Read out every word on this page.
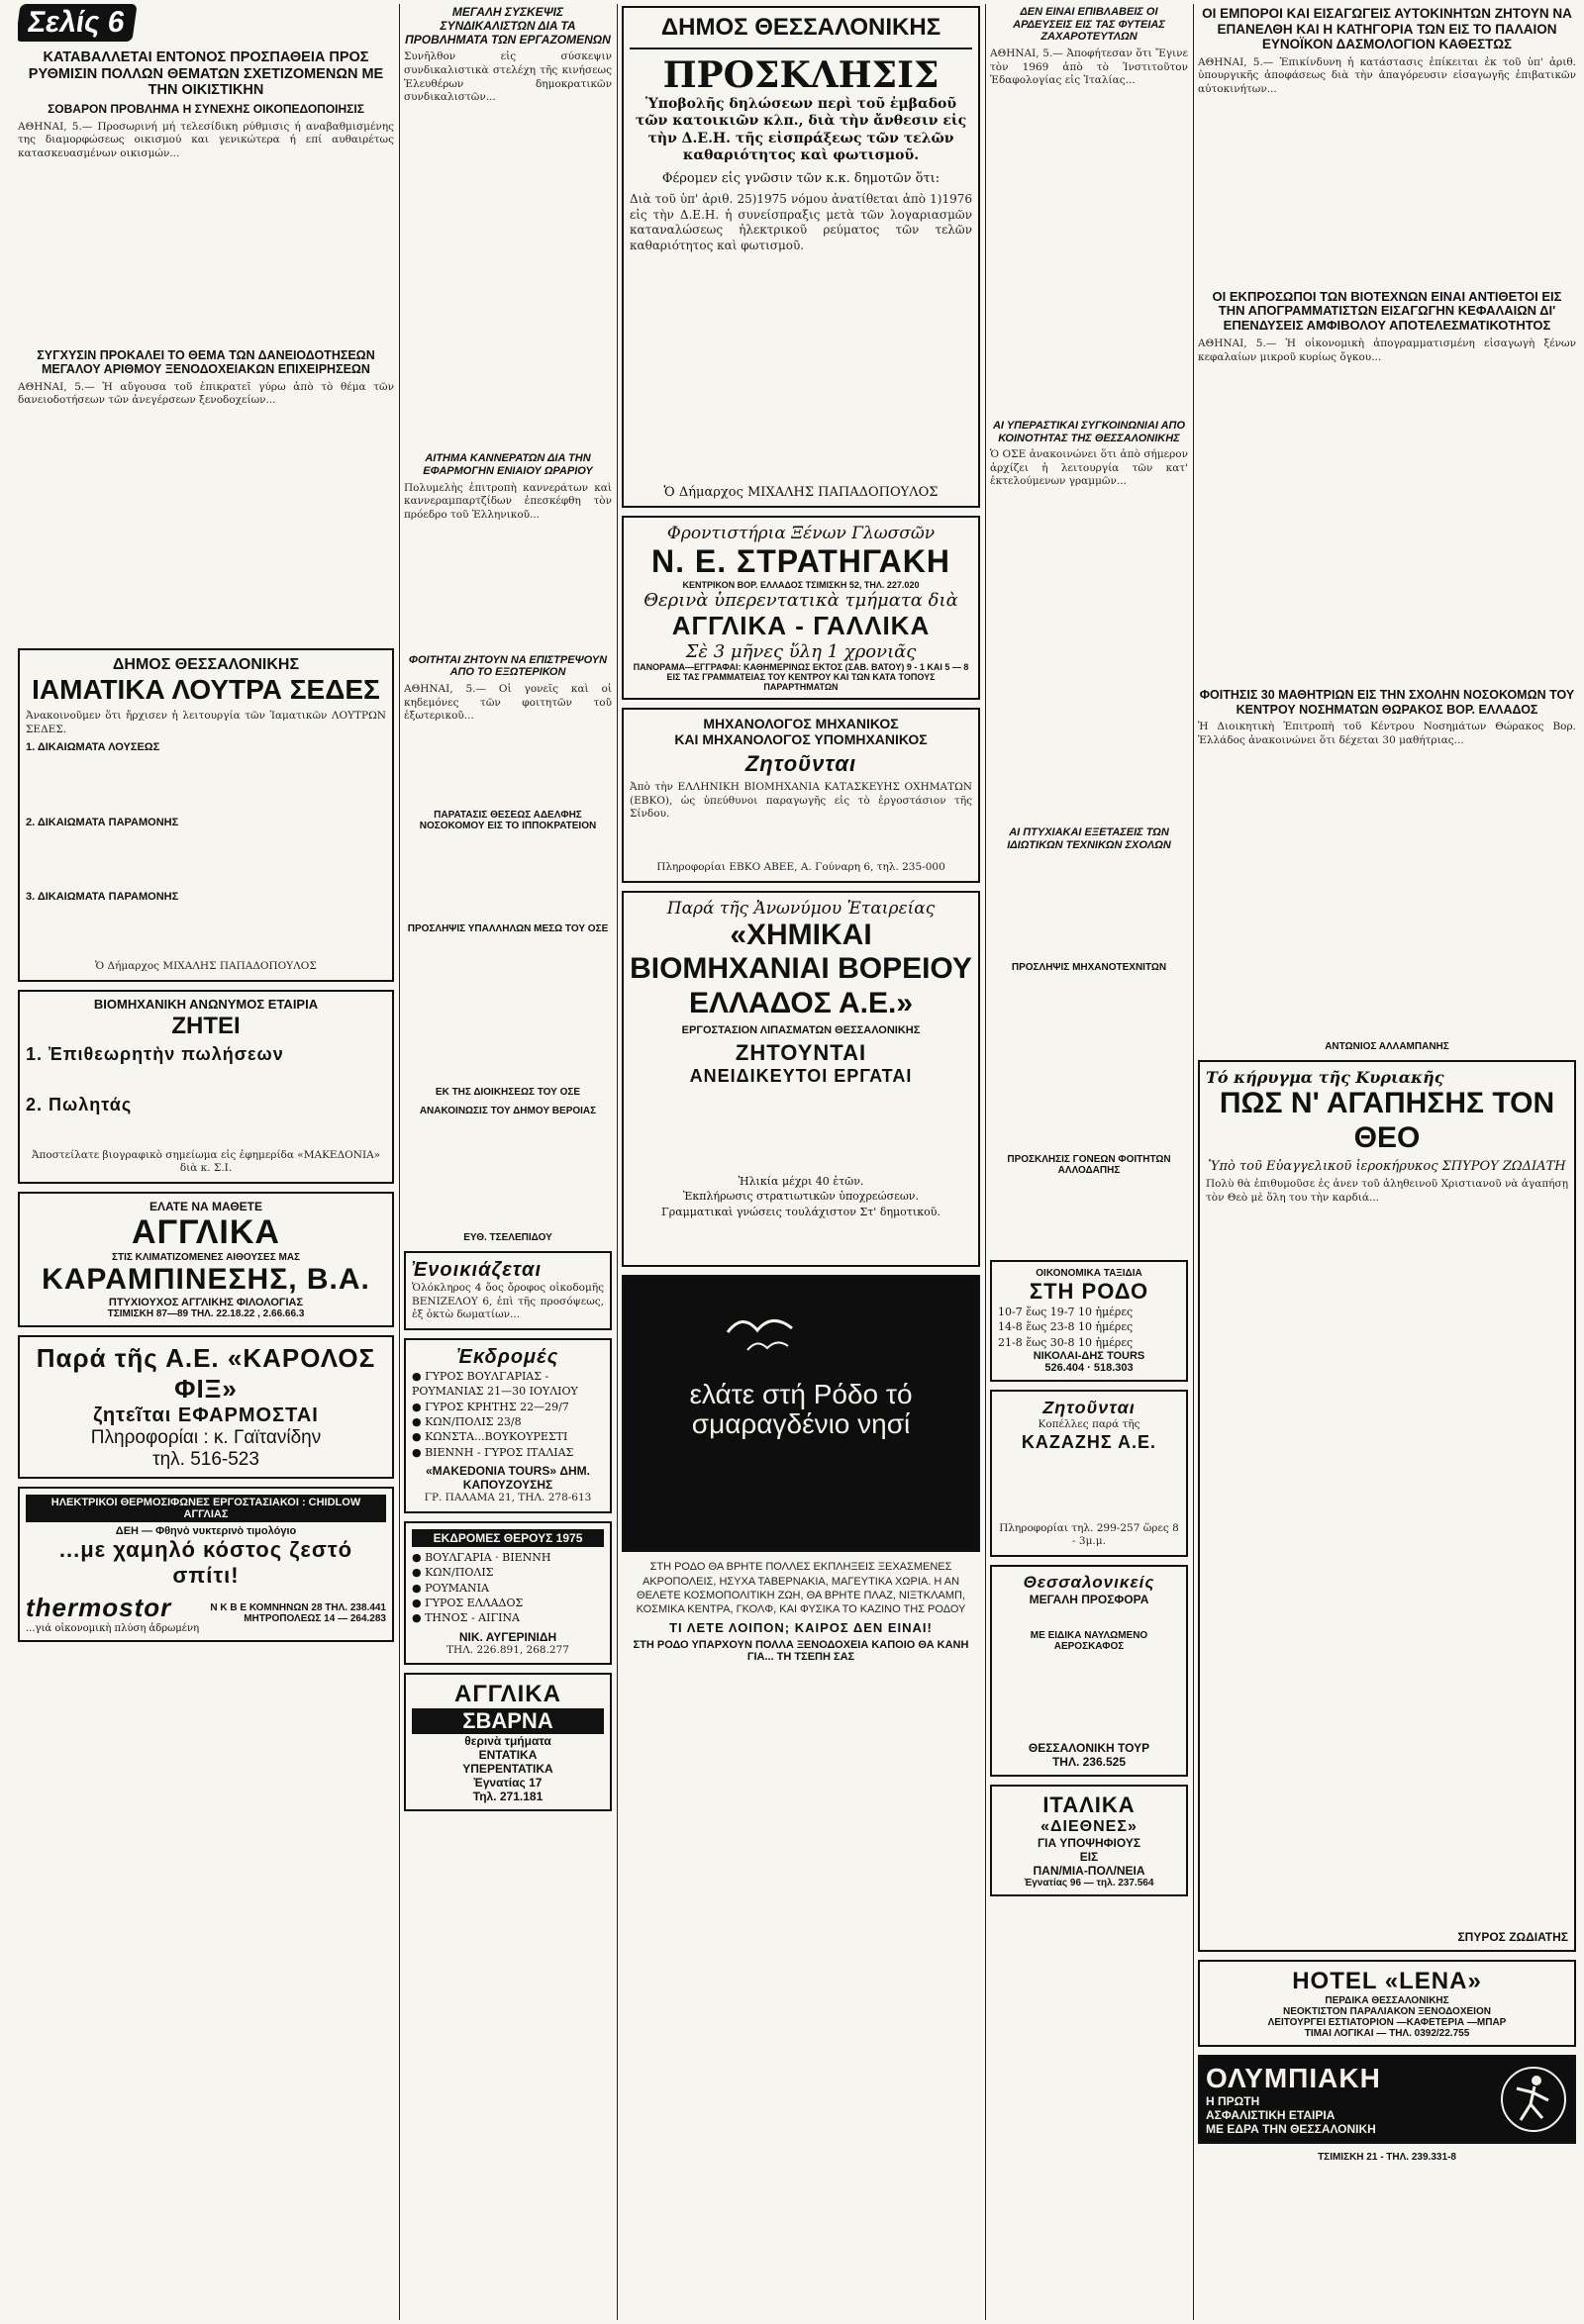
Σελίς 6
ΚΑΤΑΒΑΛΛΕΤΑΙ ΕΝΤΟΝΟΣ ΠΡΟΣΠΑΘΕΙΑ ΠΡΟΣ ΡΥΘΜΙΣΙΝ ΠΟΛΛΩΝ ΘΕΜΑΤΩΝ ΣΧΕΤΙΖΟΜΕΝΩΝ ΜΕ ΤΗΝ ΟΙΚΙΣΤΙΚΗΝ
ΣΟΒΑΡΟΝ ΠΡΟΒΛΗΜΑ Η ΣΥΝΕΧΗΣ ΟΙΚΟΠΕΔΟΠΟΙΗΣΙΣ
ΑΘΗΝΑΙ, 5.— Προσωρινή μή τελεσίδικη ρύθμισις ή αναβαθμισμένης της διαμορφώσεως οικισμού και γενικώτερα ή επί αυθαιρέτως κατασκευασμένων οικισμών...
ΣΥΓΧΥΣΙΝ ΠΡΟΚΑΛΕΙ ΤΟ ΘΕΜΑ ΤΩΝ ΔΑΝΕΙΟΔΟΤΗΣΕΩΝ ΜΕΓΑΛΟΥ ΑΡΙΘΜΟΥ ΞΕΝΟΔΟΧΕΙΑΚΩΝ ΕΠΙΧΕΙΡΗΣΕΩΝ
ΑΘΗΝΑΙ, 5.— Ἡ αὔγουσα τοῦ ἐπικρατεῖ γύρω ἀπὸ τὸ θέμα τῶν δανειοδοτήσεων τῶν ἀνεγέρσεων ξενοδοχείων...
ΔΗΜΟΣ ΘΕΣΣΑΛΟΝΙΚΗΣ
ΙΑΜΑΤΙΚΑ ΛΟΥΤΡΑ ΣΕΔΕΣ
Ἀνακοινοῦμεν ὅτι ἤρχισεν ἡ λειτουργία τῶν Ἰαματικῶν ΛΟΥΤΡΩΝ ΣΕΔΕΣ.
1. ΔΙΚΑΙΩΜΑΤΑ ΛΟΥΣΕΩΣ
2. ΔΙΚΑΙΩΜΑΤΑ ΠΑΡΑΜΟΝΗΣ
3. ΔΙΚΑΙΩΜΑΤΑ ΠΑΡΑΜΟΝΗΣ
Ὁ Δήμαρχος ΜΙΧΑΛΗΣ ΠΑΠΑΔΟΠΟΥΛΟΣ
ΒΙΟΜΗΧΑΝΙΚΗ ΑΝΩΝΥΜΟΣ ΕΤΑΙΡΙΑ
ΖΗΤΕΙ
1. Ἐπιθεωρητὴν πωλήσεων
2. Πωλητάς
Ἀποστείλατε βιογραφικὸ σημείωμα εἰς ἐφημερίδα «ΜΑΚΕΔΟΝΙΑ» διὰ κ. Σ.Ι.
ΕΛΑΤΕ ΝΑ ΜΑΘΕΤΕ
ΑΓΓΛΙΚΑ
ΣΤΙΣ ΚΛΙΜΑΤΙΖΟΜΕΝΕΣ ΑΙΘΟΥΣΕΣ ΜΑΣ
ΚΑΡΑΜΠΙΝΕΣΗΣ, Β.Α.
ΠΤΥΧΙΟΥΧΟΣ ΑΓΓΛΙΚΗΣ ΦΙΛΟΛΟΓΙΑΣ
ΤΣΙΜΙΣΚΗ 87—89 ΤΗΛ. 22.18.22 , 2.66.66.3
Παρά τῆς Α.Ε. «ΚΑΡΟΛΟΣ ΦΙΞ»
ζητεῖται ΕΦΑΡΜΟΣΤΑΙ
Πληροφορίαι : κ. Γαϊτανίδην
τηλ. 516-523
ΗΛΕΚΤΡΙΚΟΙ ΘΕΡΜΟΣΙΦΩΝΕΣ ΕΡΓΟΣΤΑΣΙΑΚΟΙ : CHIDLOW ΑΓΓΛΙΑΣ
ΔΕΗ — Φθηνὸ νυκτερινὸ τιμολόγιο
...με χαμηλό κόστος ζεστό σπίτι!
thermostor
...γιά οἰκονομικὴ πλύση ἀδρωμένη
Ν Κ Β Ε ΚΟΜΝΗΝΩΝ 28 ΤΗΛ. 238.441
ΜΗΤΡΟΠΟΛΕΩΣ 14 — 264.283
ΜΕΓΑΛΗ ΣΥΣΚΕΨΙΣ ΣΥΝΔΙΚΑΛΙΣΤΩΝ ΔΙΑ ΤΑ ΠΡΟΒΛΗΜΑΤΑ ΤΩΝ ΕΡΓΑΖΟΜΕΝΩΝ
Συνῆλθον εἰς σύσκεψιν συνδικαλιστικὰ στελέχη τῆς κινήσεως Ἐλευθέρων δημοκρατικῶν συνδικαλιστῶν...
ΑΙΤΗΜΑ ΚΑΝΝΕΡΑΤΩΝ ΔΙΑ ΤΗΝ ΕΦΑΡΜΟΓΗΝ ΕΝΙΑΙΟΥ ΩΡΑΡΙΟΥ
Πολυμελὴς ἐπιτροπὴ καννεράτων καὶ καννεραμπαρτζίδων ἐπεσκέφθη τὸν πρόεδρο τοῦ Ἑλληνικοῦ...
ΦΟΙΤΗΤΑΙ ΖΗΤΟΥΝ ΝΑ ΕΠΙΣΤΡΕΨΟΥΝ ΑΠΟ ΤΟ ΕΞΩΤΕΡΙΚΟΝ
ΑΘΗΝΑΙ, 5.— Οἱ γονεῖς καὶ οἱ κηδεμόνες τῶν φοιτητῶν τοῦ ἐξωτερικοῦ...
ΠΑΡΑΤΑΣΙΣ ΘΕΣΕΩΣ ΑΔΕΛΦΗΣ ΝΟΣΟΚΟΜΟΥ ΕΙΣ ΤΟ ΙΠΠΟΚΡΑΤΕΙΟΝ
ΠΡΟΣΛΗΨΙΣ ΥΠΑΛΛΗΛΩΝ ΜΕΣΩ ΤΟΥ ΟΣΕ
ΕΚ ΤΗΣ ΔΙΟΙΚΗΣΕΩΣ ΤΟΥ ΟΣΕ
ΑΝΑΚΟΙΝΩΣΙΣ ΤΟΥ ΔΗΜΟΥ ΒΕΡΟΙΑΣ
ΕΥΘ. ΤΣΕΛΕΠΙΔΟΥ
Ἐνοικιάζεται
Ὁλόκληρος 4 ὄος ὄροφος οἰκοδομῆς ΒΕΝΙΖΕΛΟΥ 6, ἐπὶ τῆς προσόψεως, ἐξ ὀκτὼ δωματίων...
Ἐκδρομές
● ΓΥΡΟΣ ΒΟΥΛΓΑΡΙΑΣ - ΡΟΥΜΑΝΙΑΣ 21—30 ΙΟΥΛΙΟΥ
● ΓΥΡΟΣ ΚΡΗΤΗΣ 22—29/7
● ΚΩΝ/ΠΟΛΙΣ 23/8
● ΚΩΝΣΤΑ...ΒΟΥΚΟΥΡΕΣΤΙ
● ΒΙΕΝΝΗ - ΓΥΡΟΣ ΙΤΑΛΙΑΣ
«MAKEDONIA TOURS» ΔΗΜ. ΚΑΠΟΥΖΟΥΣΗΣ
ΓΡ. ΠΑΛΑΜΑ 21, ΤΗΛ. 278-613
ΕΚΔΡΟΜΕΣ ΘΕΡΟΥΣ 1975
● ΒΟΥΛΓΑΡΙΑ · ΒΙΕΝΝΗ
● ΚΩΝ/ΠΟΛΙΣ
● ΡΟΥΜΑΝΙΑ
● ΓΥΡΟΣ ΕΛΛΑΔΟΣ
● ΤΗΝΟΣ - ΑΙΓΙΝΑ
ΝΙΚ. ΑΥΓΕΡΙΝΙΔΗ
ΤΗΛ. 226.891, 268.277
ΑΓΓΛΙΚΑ
ΣΒΑΡΝΑ
θερινὰ τμήματα
ΕΝΤΑΤΙΚΑ
ΥΠΕΡΕΝΤΑΤΙΚΑ
Ἐγνατίας 17
Τηλ. 271.181
ΔΗΜΟΣ ΘΕΣΣΑΛΟΝΙΚΗΣ
ΠΡΟΣΚΛΗΣΙΣ
Ὑποβολῆς δηλώσεων περὶ τοῦ ἐμβαδοῦ τῶν κατοικιῶν κλπ., διὰ τὴν ἄνθεσιν εἰς τὴν Δ.Ε.Η. τῆς εἰσπράξεως τῶν τελῶν καθαριότητος καὶ φωτισμοῦ.
Φέρομεν εἰς γνῶσιν τῶν κ.κ. δημοτῶν ὅτι:
Διὰ τοῦ ὑπ' ἀριθ. 25)1975 νόμου ἀνατίθεται ἀπὸ 1)1976 εἰς τὴν Δ.Ε.Η. ἡ συνείσπραξις μετὰ τῶν λογαριασμῶν καταναλώσεως ἠλεκτρικοῦ ρεύματος τῶν τελῶν καθαριότητος καὶ φωτισμοῦ.
Ὁ Δήμαρχος ΜΙΧΑΛΗΣ ΠΑΠΑΔΟΠΟΥΛΟΣ
Φροντιστήρια Ξένων Γλωσσῶν
Ν. Ε. ΣΤΡΑΤΗΓΑΚΗ
ΚΕΝΤΡΙΚΟΝ ΒΟΡ. ΕΛΛΑΔΟΣ ΤΣΙΜΙΣΚΗ 52, ΤΗΛ. 227.020
Θερινὰ ὑπερεντατικὰ τμήματα διὰ
ΑΓΓΛΙΚΑ - ΓΑΛΛΙΚΑ
Σὲ 3 μῆνες ὕλη 1 χρονιᾶς
ΠΑΝΟΡΑΜΑ—ΕΓΓΡΑΦΑΙ: ΚΑΘΗΜΕΡΙΝΩΣ ΕΚΤΟΣ (ΣΑΒ. ΒΑΤΟΥ) 9 - 1 ΚΑΙ 5 — 8 ΕΙΣ ΤΑΣ ΓΡΑΜΜΑΤΕΙΑΣ ΤΟΥ ΚΕΝΤΡΟΥ ΚΑΙ ΤΩΝ ΚΑΤΑ ΤΟΠΟΥΣ ΠΑΡΑΡΤΗΜΑΤΩΝ
ΜΗΧΑΝΟΛΟΓΟΣ ΜΗΧΑΝΙΚΟΣ
ΚΑΙ ΜΗΧΑΝΟΛΟΓΟΣ ΥΠΟΜΗΧΑΝΙΚΟΣ
Ζητοῦνται
Ἀπὸ τὴν ΕΛΛΗΝΙΚΗ ΒΙΟΜΗΧΑΝΙΑ ΚΑΤΑΣΚΕΥΗΣ ΟΧΗΜΑΤΩΝ (ΕΒΚΟ), ὡς ὑπεύθυνοι παραγωγῆς εἰς τὸ ἐργοστάσιον τῆς Σίνδου.
Πληροφορίαι ΕΒΚΟ ΑΒΕΕ, Α. Γούναρη 6, τηλ. 235-000
Παρά τῆς Ἀνωνύμου Ἑταιρείας
«ΧΗΜΙΚΑΙ ΒΙΟΜΗΧΑΝΙΑΙ ΒΟΡΕΙΟΥ ΕΛΛΑΔΟΣ Α.Ε.»
ΕΡΓΟΣΤΑΣΙΟΝ ΛΙΠΑΣΜΑΤΩΝ ΘΕΣΣΑΛΟΝΙΚΗΣ
ΖΗΤΟΥΝΤΑΙ
ΑΝΕΙΔΙΚΕΥΤΟΙ ΕΡΓΑΤΑΙ
Ἠλικία μέχρι 40 ἐτῶν.
Ἐκπλήρωσις στρατιωτικῶν ὑποχρεώσεων.
Γραμματικαὶ γνώσεις τουλάχιστον Στ' δημοτικοῦ.
ελάτε στή Ρόδο τό σμαραγδένιο νησί
ΣΤΗ ΡΟΔΟ ΘΑ ΒΡΗΤΕ ΠΟΛΛΕΣ ΕΚΠΛΗΞΕΙΣ ΞΕΧΑΣΜΕΝΕΣ ΑΚΡΟΠΟΛΕΙΣ, ΗΣΥΧΑ ΤΑΒΕΡΝΑΚΙΑ, ΜΑΓΕΥΤΙΚΑ ΧΩΡΙΑ. Η ΑΝ ΘΕΛΕΤΕ ΚΟΣΜΟΠΟΛΙΤΙΚΗ ΖΩΗ, ΘΑ ΒΡΗΤΕ ΠΛΑΖ, ΝΙΞΤΚΛΑΜΠ, ΚΟΣΜΙΚΑ ΚΕΝΤΡΑ, ΓΚΟΛΦ, ΚΑΙ ΦΥΣΙΚΑ ΤΟ ΚΑΖΙΝΟ ΤΗΣ ΡΟΔΟΥ
ΤΙ ΛΕΤΕ ΛΟΙΠΟΝ; ΚΑΙΡΟΣ ΔΕΝ ΕΙΝΑΙ!
ΣΤΗ ΡΟΔΟ ΥΠΑΡΧΟΥΝ ΠΟΛΛΑ ΞΕΝΟΔΟΧΕΙΑ ΚΑΠΟΙΟ ΘΑ ΚΑΝΗ ΓΙΑ... ΤΗ ΤΣΕΠΗ ΣΑΣ
ΔΕΝ ΕΙΝΑΙ ΕΠΙΒΛΑΒΕΙΣ ΟΙ ΑΡΔΕΥΣΕΙΣ ΕΙΣ ΤΑΣ ΦΥΤΕΙΑΣ ΖΑΧΑΡΟΤΕΥΤΛΩΝ
ΑΘΗΝΑΙ, 5.— Ἀποφήτεσαν ὅτι Ἔγινε τὸν 1969 ἀπὸ τὸ Ἰνστιτοῦτον Ἐδαφολογίας εἰς Ἰταλίας...
ΑΙ ΥΠΕΡΑΣΤΙΚΑΙ ΣΥΓΚΟΙΝΩΝΙΑΙ ΑΠΟ ΚΟΙΝΟΤΗΤΑΣ ΤΗΣ ΘΕΣΣΑΛΟΝΙΚΗΣ
Ὁ ΟΣΕ ἀνακοινώνει ὅτι ἀπὸ σήμερον ἀρχίζει ἡ λειτουργία τῶν κατ' ἐκτελούμενων γραμμῶν...
ΑΙ ΠΤΥΧΙΑΚΑΙ ΕΞΕΤΑΣΕΙΣ ΤΩΝ ΙΔΙΩΤΙΚΩΝ ΤΕΧΝΙΚΩΝ ΣΧΟΛΩΝ
ΠΡΟΣΛΗΨΙΣ ΜΗΧΑΝΟΤΕΧΝΙΤΩΝ
ΠΡΟΣΚΛΗΣΙΣ ΓΟΝΕΩΝ ΦΟΙΤΗΤΩΝ ΑΛΛΟΔΑΠΗΣ
ΟΙΚΟΝΟΜΙΚΑ ΤΑΞΙΔΙΑ
ΣΤΗ ΡΟΔΟ
10-7 ἕως 19-7 10 ἡμέρες
14-8 ἕως 23-8 10 ἡμέρες
21-8 ἕως 30-8 10 ἡμέρες
ΝΙΚΟΛΑΙ-ΔΗΣ TOURS
526.404 · 518.303
Ζητοῦνται
Κοπέλλες παρά τῆς
ΚΑΖΑΖΗΣ Α.Ε.
Πληροφορίαι τηλ. 299-257 ὥρες 8 - 3μ.μ.
Θεσσαλονικείς
ΜΕΓΑΛΗ ΠΡΟΣΦΟΡΑ
ΜΕ ΕΙΔΙΚΑ ΝΑΥΛΩΜΕΝΟ ΑΕΡΟΣΚΑΦΟΣ
ΘΕΣΣΑΛΟΝΙΚΗ ΤΟΥΡ
ΤΗΛ. 236.525
ΙΤΑΛΙΚΑ
«ΔΙΕΘΝΕΣ»
ΓΙΑ ΥΠΟΨΗΦΙΟΥΣ
ΕΙΣ
ΠΑΝ/ΜΙΑ-ΠΟΛ/ΝΕΙΑ
Ἐγνατίας 96 — τηλ. 237.564
ΟΙ ΕΜΠΟΡΟΙ ΚΑΙ ΕΙΣΑΓΩΓΕΙΣ ΑΥΤΟΚΙΝΗΤΩΝ ΖΗΤΟΥΝ ΝΑ ΕΠΑΝΕΛΘΗ ΚΑΙ Η ΚΑΤΗΓΟΡΙΑ ΤΩΝ ΕΙΣ ΤΟ ΠΑΛΑΙΟΝ ΕΥΝΟΪΚΟΝ ΔΑΣΜΟΛΟΓΙΟΝ ΚΑΘΕΣΤΩΣ
ΑΘΗΝΑΙ, 5.— Ἐπικίνδυνη ἡ κατάστασις ἐπίκειται ἐκ τοῦ ὑπ' ἀριθ. ὑπουργικῆς ἀποφάσεως διὰ τὴν ἀπαγόρευσιν εἰσαγωγῆς ἐπιβατικῶν αὐτοκινήτων...
ΟΙ ΕΚΠΡΟΣΩΠΟΙ ΤΩΝ ΒΙΟΤΕΧΝΩΝ ΕΙΝΑΙ ΑΝΤΙΘΕΤΟΙ ΕΙΣ ΤΗΝ ΑΠΟΓΡΑΜΜΑΤΙΣΤΩΝ ΕΙΣΑΓΩΓΗΝ ΚΕΦΑΛΑΙΩΝ ΔΙ' ΕΠΕΝΔΥΣΕΙΣ ΑΜΦΙΒΟΛΟΥ ΑΠΟΤΕΛΕΣΜΑΤΙΚΟΤΗΤΟΣ
ΑΘΗΝΑΙ, 5.— Ἡ οἰκονομικὴ ἀπογραμματισμένη εἰσαγωγὴ ξένων κεφαλαίων μικροῦ κυρίως ὄγκου...
ΦΟΙΤΗΣΙΣ 30 ΜΑΘΗΤΡΙΩΝ ΕΙΣ ΤΗΝ ΣΧΟΛΗΝ ΝΟΣΟΚΟΜΩΝ ΤΟΥ ΚΕΝΤΡΟΥ ΝΟΣΗΜΑΤΩΝ ΘΩΡΑΚΟΣ ΒΟΡ. ΕΛΛΑΔΟΣ
Ἡ Διοικητικὴ Ἐπιτροπὴ τοῦ Κέντρου Νοσημάτων Θώρακος Βορ. Ἑλλάδος ἀνακοινώνει ὅτι δέχεται 30 μαθήτριας...
ΑΝΤΩΝΙΟΣ ΑΛΛΑΜΠΑΝΗΣ
Τό κήρυγμα τῆς Κυριακῆς
ΠΩΣ Ν' ΑΓΑΠΗΣΗΣ ΤΟΝ ΘΕΟ
Ὑπὸ τοῦ Εὐαγγελικοῦ ἱεροκήρυκος ΣΠΥΡΟΥ ΖΩΔΙΑΤΗ
Πολὺ θὰ ἐπιθυμοῦσε ἐς ἀνεν τοῦ ἀληθεινοῦ Χριστιανοῦ νὰ ἀγαπήσῃ τὸν Θεὸ μὲ ὅλη του τὴν καρδιά...
ΣΠΥΡΟΣ ΖΩΔΙΑΤΗΣ
HOTEL «LENA»
ΠΕΡΔΙΚΑ ΘΕΣΣΑΛΟΝΙΚΗΣ
ΝΕΟΚΤΙΣΤΟΝ ΠΑΡΑΛΙΑΚΟΝ ΞΕΝΟΔΟΧΕΙΟΝ
ΛΕΙΤΟΥΡΓΕΙ ΕΣΤΙΑΤΟΡΙΟΝ —ΚΑΦΕΤΕΡΙΑ —ΜΠΑΡ
ΤΙΜΑΙ ΛΟΓΙΚΑΙ — ΤΗΛ. 0392/22.755
ΟΛΥΜΠΙΑΚΗ
Η ΠΡΩΤΗ
ΑΣΦΑΛΙΣΤΙΚΗ ΕΤΑΙΡΙΑ
ΜΕ ΕΔΡΑ ΤΗΝ ΘΕΣΣΑΛΟΝΙΚΗ
ΤΣΙΜΙΣΚΗ 21 - ΤΗΛ. 239.331-8
